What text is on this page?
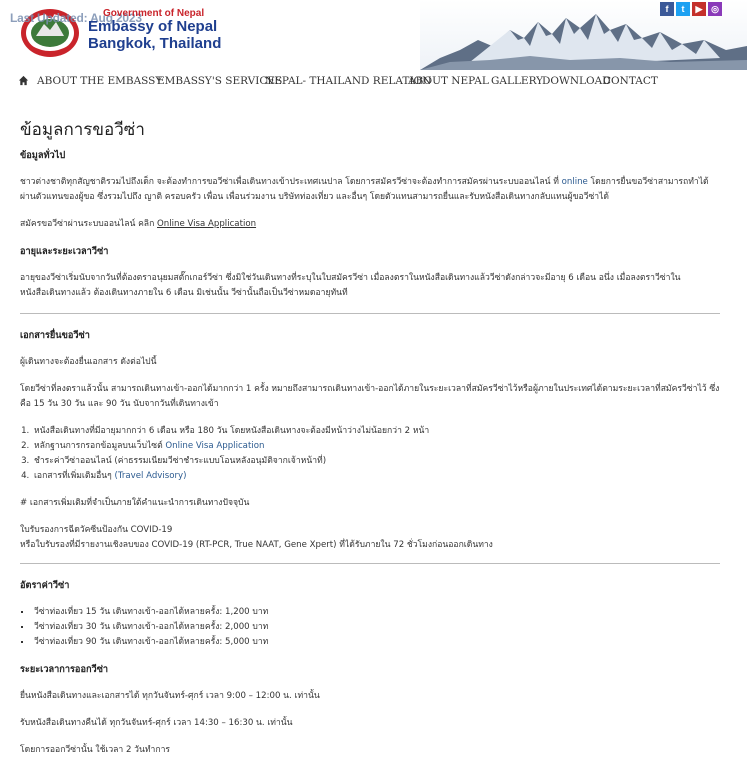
Last Updated: Aug 2023
Government of Nepal
Embassy of Nepal
Bangkok, Thailand
f	t	▶ ◎
ABOUT THE EMBASSY
EMBASSY'S SERVICES
NEPAL- THAILAND RELATION
ABOUT NEPAL GALLERY
DOWNLOAD
CONTACT
ข้อมูลการขอวีซ่า
ข้อมูลทั่วไป

ชาวต่างชาติทุกสัญชาติรวมไปถึงเด็ก จะต้องทำการขอวีซ่าเพื่อเดินทางเข้าประเทศเนปาล โดยการสมัครวีซ่าจะต้องทำการสมัครผ่านระบบออนไลน์ ที่ online โดยการยื่นขอวีซ่าสามารถทำได้ผ่านตัวแทนของผู้ขอ ซึ่งรวมไปถึง ญาติ ครอบครัว เพื่อน เพื่อนร่วมงาน บริษัทท่องเที่ยว และอื่นๆ โดยตัวแทนสามารถยื่นและรับหนังสือเดินทางกลับแทนผู้ขอวีซ่าได้

สมัครขอวีซ่าผ่านระบบออนไลน์ คลิก Online Visa Application

อายุและระยะเวลาวีซ่า

อายุของวีซ่าเริ่มนับจากวันที่ต้องตราอนุยมสตั๊กเกอร์วีซ่า ซึ่งมิใช่วันเดินทางที่ระบุในใบสมัครวีซ่า เมื่อลงตราในหนังสือเดินทางแล้ววีซ่าดังกล่าวจะมีอายุ 6 เดือน อนึ่ง เมื่อลงตราวีซ่าในหนังสือเดินทางแล้ว ต้องเดินทางภายใน 6 เดือน มิเช่นนั้น วีซ่านั้นถือเป็นวีซ่าหมดอายุทันที

เอกสารยื่นขอวีซ่า

ผู้เดินทางจะต้องยื่นเอกสาร ดังต่อไปนี้

โดยวีซ่าที่ลงตราแล้วนั้น สามารถเดินทางเข้า-ออกได้มากกว่า 1 ครั้ง หมายถึงสามารถเดินทางเข้า-ออกได้ภายในระยะเวลาที่สมัครวีซ่าไว้หรือผู้ภายในประเทศได้ตามระยะเวลาที่สมัครวีซ่าไว้ ซึ่งคือ 15 วัน 30 วัน และ 90 วัน นับจากวันที่เดินทางเข้า

1. หนังสือเดินทางที่มีอายุมากกว่า 6 เดือน หรือ 180 วัน โดยหนังสือเดินทางจะต้องมีหน้าว่างไม่น้อยกว่า 2 หน้า
2. หลักฐานการกรอกข้อมูลบนเว็บไซต์ Online Visa Application
3. ชำระค่าวีซ่าออนไลน์ (ค่าธรรมเนียมวีซ่าชำระแบบโอนหลังอนุมัติจากเจ้าหน้าที่)
4. เอกสารที่เพิ่มเติมอื่นๆ (Travel Advisory)

# เอกสารเพิ่มเติมที่จำเป็นภายใต้คำแนะนำการเดินทางปัจจุบัน

ใบรับรองการฉีดวัคซีนป้องกัน COVID-19
หรือใบรับรองที่มีรายงานเชิงลบของ COVID-19 (RT-PCR, True NAAT, Gene Xpert) ที่ได้รับภายใน 72 ชั่วโมงก่อนออกเดินทาง

อัตราค่าวีซ่า
▪ วีซ่าท่องเที่ยว 15 วัน เดินทางเข้า-ออกได้หลายครั้ง: 1,200 บาท
▪ วีซ่าท่องเที่ยว 30 วัน เดินทางเข้า-ออกได้หลายครั้ง: 2,000 บาท
▪ วีซ่าท่องเที่ยว 90 วัน เดินทางเข้า-ออกได้หลายครั้ง: 5,000 บาท
ระยะเวลาการออกวีซ่า

ยื่นหนังสือเดินทางและเอกสารได้ ทุกวันจันทร์-ศุกร์ เวลา 9:00 – 12:00 น. เท่านั้น

รับหนังสือเดินทางคืนได้ ทุกวันจันทร์-ศุกร์ เวลา 14:30 – 16:30 น. เท่านั้น

โดยการออกวีซ่านั้น ใช้เวลา 2 วันทำการ
